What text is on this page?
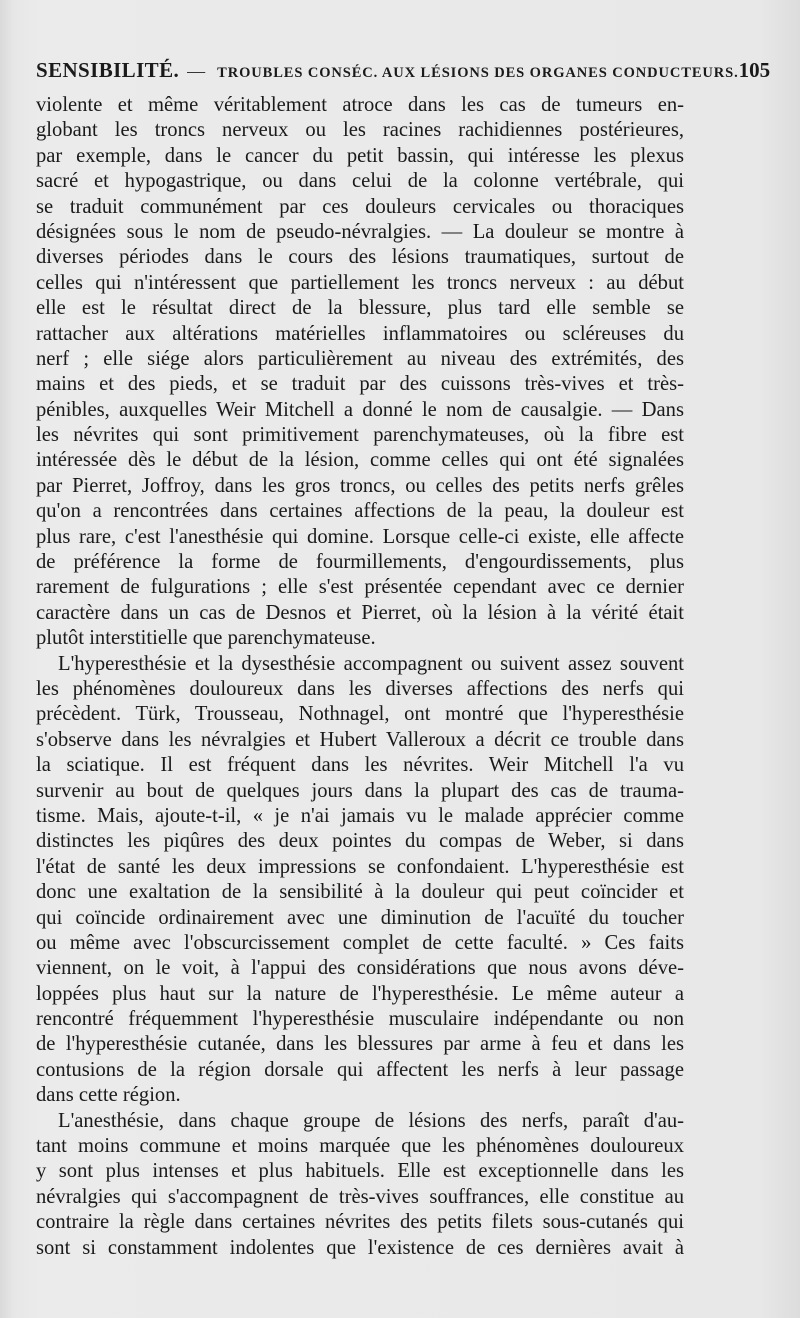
SENSIBILITÉ. — TROUBLES CONSÉC. AUX LÉSIONS DES ORGANES CONDUCTEURS. 105
violente et même véritablement atroce dans les cas de tumeurs en-
globant les troncs nerveux ou les racines rachidiennes postérieures,
par exemple, dans le cancer du petit bassin, qui intéresse les plexus
sacré et hypogastrique, ou dans celui de la colonne vertébrale, qui
se traduit communément par ces douleurs cervicales ou thoraciques
désignées sous le nom de pseudo-névralgies. — La douleur se montre à
diverses périodes dans le cours des lésions traumatiques, surtout de
celles qui n'intéressent que partiellement les troncs nerveux : au début
elle est le résultat direct de la blessure, plus tard elle semble se
rattacher aux altérations matérielles inflammatoires ou scléreuses du
nerf ; elle siége alors particulièrement au niveau des extrémités, des
mains et des pieds, et se traduit par des cuissons très-vives et très-
pénibles, auxquelles Weir Mitchell a donné le nom de causalgie. — Dans
les névrites qui sont primitivement parenchymateuses, où la fibre est
intéressée dès le début de la lésion, comme celles qui ont été signalées
par Pierret, Joffroy, dans les gros troncs, ou celles des petits nerfs grêles
qu'on a rencontrées dans certaines affections de la peau, la douleur est
plus rare, c'est l'anesthésie qui domine. Lorsque celle-ci existe, elle affecte
de préférence la forme de fourmillements, d'engourdissements, plus
rarement de fulgurations ; elle s'est présentée cependant avec ce dernier
caractère dans un cas de Desnos et Pierret, où la lésion à la vérité était
plutôt interstitielle que parenchymateuse.
L'hyperesthésie et la dysesthésie accompagnent ou suivent assez souvent
les phénomènes douloureux dans les diverses affections des nerfs qui
précèdent. Türk, Trousseau, Nothnagel, ont montré que l'hyperesthésie
s'observe dans les névralgies et Hubert Valleroux a décrit ce trouble dans
la sciatique. Il est fréquent dans les névrites. Weir Mitchell l'a vu
survenir au bout de quelques jours dans la plupart des cas de trauma-
tisme. Mais, ajoute-t-il, « je n'ai jamais vu le malade apprécier comme
distinctes les piqûres des deux pointes du compas de Weber, si dans
l'état de santé les deux impressions se confondaient. L'hyperesthésie est
donc une exaltation de la sensibilité à la douleur qui peut coïncider et
qui coïncide ordinairement avec une diminution de l'acuïté du toucher
ou même avec l'obscurcissement complet de cette faculté. » Ces faits
viennent, on le voit, à l'appui des considérations que nous avons déve-
loppées plus haut sur la nature de l'hyperesthésie. Le même auteur a
rencontré fréquemment l'hyperesthésie musculaire indépendante ou non
de l'hyperesthésie cutanée, dans les blessures par arme à feu et dans les
contusions de la région dorsale qui affectent les nerfs à leur passage
dans cette région.
L'anesthésie, dans chaque groupe de lésions des nerfs, paraît d'au-
tant moins commune et moins marquée que les phénomènes douloureux
y sont plus intenses et plus habituels. Elle est exceptionnelle dans les
névralgies qui s'accompagnent de très-vives souffrances, elle constitue au
contraire la règle dans certaines névrites des petits filets sous-cutanés qui
sont si constamment indolentes que l'existence de ces dernières avait à
